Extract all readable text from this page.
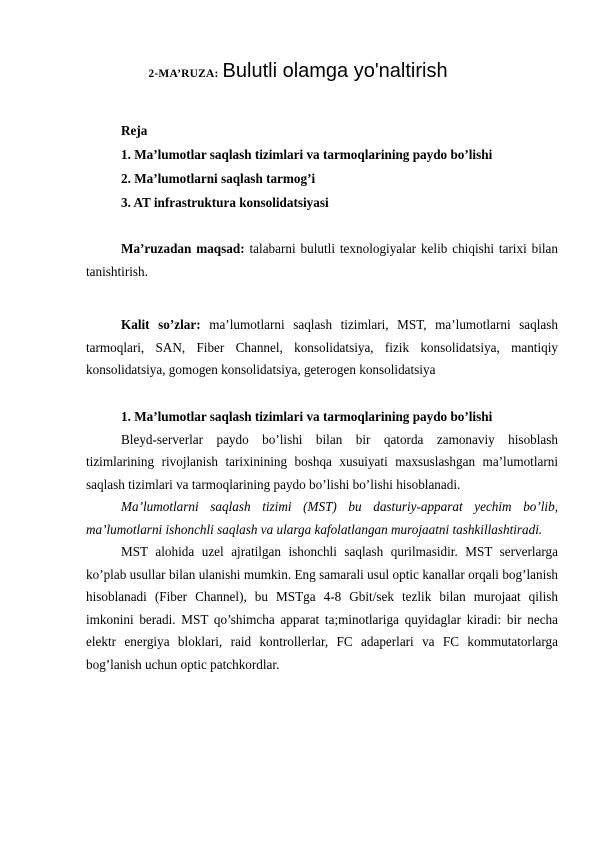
2-MA’RUZA: Bulutli olamga yo'naltirish
Reja
1. Ma’lumotlar saqlash tizimlari va tarmoqlarining paydo bo’lishi
2. Ma’lumotlarni saqlash tarmog’i
3. AT infrastruktura konsolidatsiyasi

Ma’ruzadan maqsad: talabarni bulutli texnologiyalar kelib chiqishi tarixi bilan tanishtirish.

Kalit so’zlar: ma’lumotlarni saqlash tizimlari, MST, ma’lumotlarni saqlash tarmoqlari, SAN, Fiber Channel, konsolidatsiya, fizik konsolidatsiya, mantiqiy konsolidatsiya, gomogen konsolidatsiya, geterogen konsolidatsiya

1. Ma’lumotlar saqlash tizimlari va tarmoqlarining paydo bo’lishi

Bleyd-serverlar paydo bo’lishi bilan bir qatorda zamonaviy hisoblash tizimlarining rivojlanish tarixinining boshqa xusuiyati maxsuslashgan ma’lumotlarni saqlash tizimlari va tarmoqlarining paydo bo’lishi bo’lishi hisoblanadi.

Ma’lumotlarni saqlash tizimi (MST) bu dasturiy-apparat yechim bo’lib, ma’lumotlarni ishonchli saqlash va ularga kafolatlangan murojaatni tashkillashtiradi.

MST alohida uzel ajratilgan ishonchli saqlash qurilmasidir. MST serverlarga ko’plab usullar bilan ulanishi mumkin. Eng samarali usul optic kanallar orqali bog’lanish hisoblanadi (Fiber Channel), bu MSTga 4-8 Gbit/sek tezlik bilan murojaat qilish imkonini beradi. MST qo’shimcha apparat ta;minotlariga quyidaglar kiradi: bir necha elektr energiya bloklari, raid kontrollerlar, FC adaperlari va FC kommutatorlarga bog’lanish uchun optic patchkordlar.
